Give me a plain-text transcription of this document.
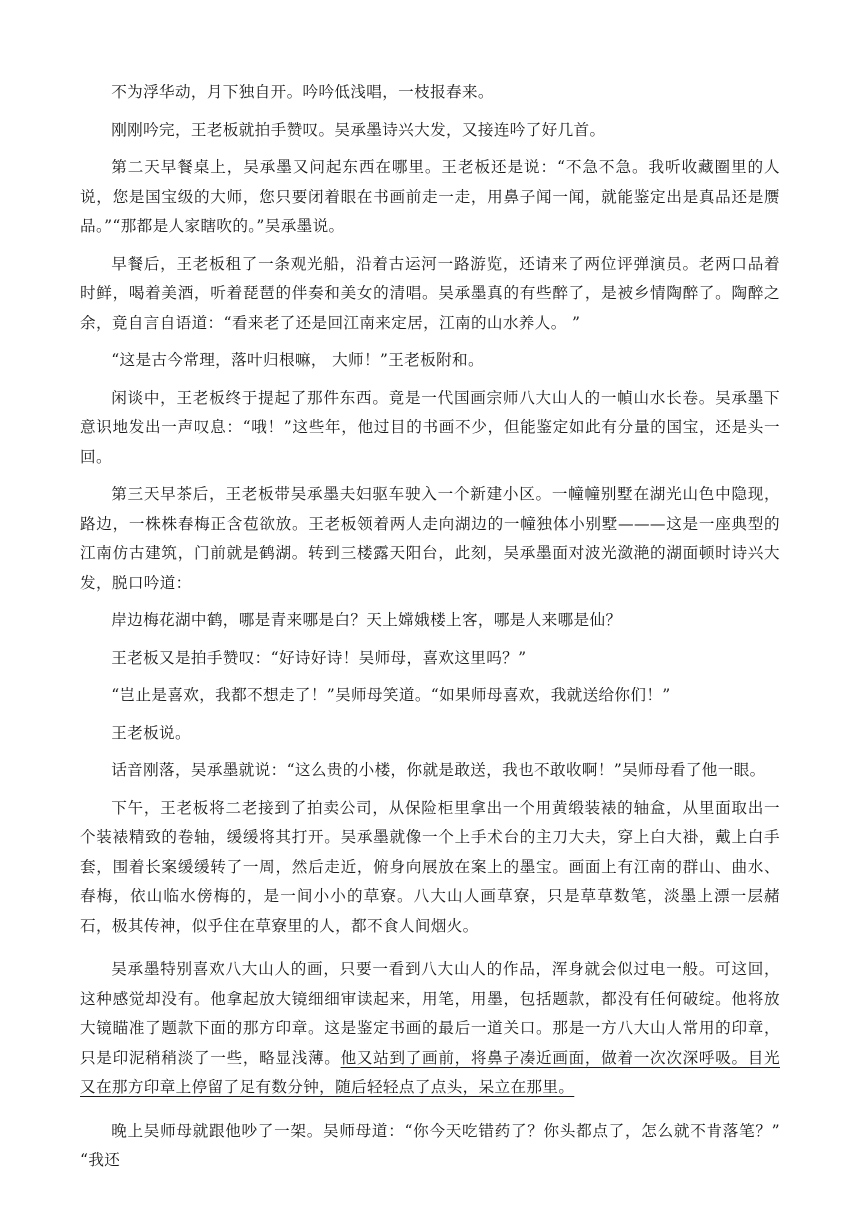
不为浮华动，月下独自开。吟吟低浅唱，一枝报春来。

刚刚吟完，王老板就拍手赞叹。吴承墨诗兴大发，又接连吟了好几首。

第二天早餐桌上，吴承墨又问起东西在哪里。王老板还是说：“不急不急。我听收藏圈里的人说，您是国宝级的大师，您只要闭着眼在书画前走一走，用鼻子闻一闻，就能鉴定出是真品还是赝品。”“那都是人家瞎吹的。”吴承墨说。

早餐后，王老板租了一条观光船，沿着古运河一路游览，还请来了两位评弹演员。老两口品着时鲜，喝着美酒，听着琵琶的伴奏和美女的清唱。吴承墨真的有些醉了，是被乡情陶醉了。陶醉之余，竟自言自语道：“看来老了还是回江南来定居，江南的山水养人。 ”

“这是古今常理，落叶归根嘛， 大师！”王老板附和。

闲谈中，王老板终于提起了那件东西。竟是一代国画宗师八大山人的一幀山水长卷。吴承墨下意识地发出一声叹息：“哦！”这些年，他过目的书画不少，但能鉴定如此有分量的国宝，还是头一回。

第三天早茶后，王老板带吴承墨夫妇驱车驶入一个新建小区。一幢幢别墅在湖光山色中隐现，路边，一株株春梅正含苞欲放。王老板领着两人走向湖边的一幢独体小别墅———这是一座典型的江南仿古建筑，门前就是鹤湖。转到三楼露天阳台，此刻，吴承墨面对波光潋滟的湖面顿时诗兴大发，脱口吟道：

岸边梅花湖中鹤，哪是青来哪是白？天上嫦娥楼上客，哪是人来哪是仙？

王老板又是拍手赞叹：“好诗好诗！吴师母，喜欢这里吗？”

“岂止是喜欢，我都不想走了！”吴师母笑道。“如果师母喜欢，我就送给你们！”

王老板说。

话音刚落，吴承墨就说：“这么贵的小楼，你就是敢送，我也不敢收啊！”吴师母看了他一眼。

下午，王老板将二老接到了拍卖公司，从保险柜里拿出一个用黄缎装裱的轴盒，从里面取出一个装裱精致的卷轴，缓缓将其打开。吴承墨就像一个上手术台的主刀大夫，穿上白大褂，戴上白手套，围着长案缓缓转了一周，然后走近，俯身向展放在案上的墨宝。画面上有江南的群山、曲水、春梅，依山临水傍梅的，是一间小小的草寮。八大山人画草寮，只是草草数笔，淡墨上漂一层赭石，极其传神，似乎住在草寮里的人，都不食人间烟火。

吴承墨特别喜欢八大山人的画，只要一看到八大山人的作品，浑身就会似过电一般。可这回，这种感觉却没有。他拿起放大镜细细审读起来，用笔，用墨，包括题款，都没有任何破绽。他将放大镜瞄准了题款下面的那方印章。这是鉴定书画的最后一道关口。那是一方八大山人常用的印章，只是印泥稍稍淡了一些，略显浅薄。他又站到了画前，将鼻子凑近画面，做着一次次深呼吸。目光又在那方印章上停留了足有数分钟，随后轻轻点了点头，呆立在那里。

晚上吴师母就跟他吵了一架。吴师母道：“你今天吃错药了？你头都点了，怎么就不肯落笔？” “我还
